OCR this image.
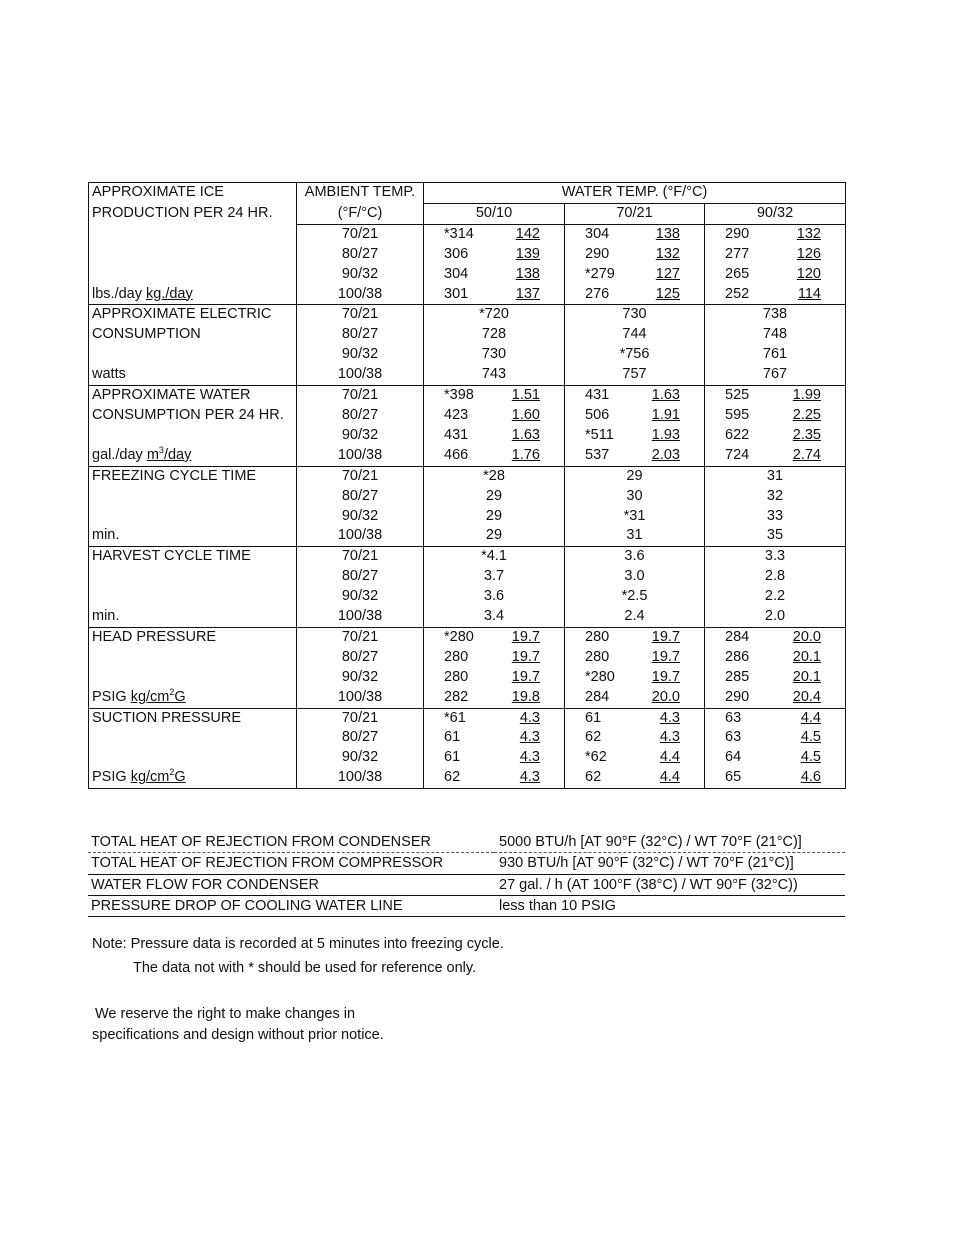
APPROXIMATE ICE	AMBIENT TEMP.	WATER TEMP. (°F/°C)		
PRODUCTION PER 24 HR.	(°F/°C)	50/10	70/21	90/32
	70/21	*314 142	304 138	290 132

	80/27	306 139	290 132	277 126

	90/32	304 138	*279 127	265 120

lbs./day kg./day	100/38	301 137	276 125	252 114

APPROXIMATE ELECTRIC	70/21	*720	730	738
CONSUMPTION	80/27	728	744	748
	90/32	730	*756	761
watts	100/38	743	757	767
APPROXIMATE WATER	70/21	*398 1.51	431 1.63	525 1.99

CONSUMPTION PER 24 HR.	80/27	423 1.60	506 1.91	595 2.25

	90/32	431 1.63	*511 1.93	622 2.35

gal./day $m^3$/day	100/38	466 1.76	537 2.03	724 2.74

FREEZING CYCLE TIME	70/21	*28	29	31
	80/27	29	30	32
	90/32	29	*31	33
min.	100/38	29	31	35
HARVEST CYCLE TIME	70/21	*4.1	3.6	3.3
	80/27	3.7	3.0	2.8
	90/32	3.6	*2.5	2.2
min.	100/38	3.4	2.4	2.0
HEAD PRESSURE	70/21	*280 19.7	280 19.7	284 20.0

	80/27	280 19.7	280 19.7	286 20.1

	90/32	280 19.7	*280 19.7	285 20.1

PSIG $kg/cm^2G$	100/38	282 19.8	284 20.0	290 20.4

SUCTION PRESSURE	70/21	*61 4.3	61 4.3	63 4.4

	80/27	61 4.3	62 4.3	63 4.5

	90/32	61 4.3	*62 4.4	64 4.5

PSIG $kg/cm^2G$	100/38	62 4.3	62 4.4	65 4.6
TOTAL HEAT OF REJECTION FROM CONDENSER	5000 BTU/h [AT 90°F (32°C) / WT 70°F (21°C)]
TOTAL HEAT OF REJECTION FROM COMPRESSOR	930 BTU/h [AT 90°F (32°C) / WT 70°F (21°C)]
WATER FLOW FOR CONDENSER	27 gal. / h (AT 100°F (38°C) / WT 90°F (32°C))
PRESSURE DROP OF COOLING WATER LINE	less than 10 PSIG
Note: Pressure data is recorded at 5 minutes into freezing cycle.
The data not with * should be used for reference only.
We reserve the right to make changes in
specifications and design without prior notice.
